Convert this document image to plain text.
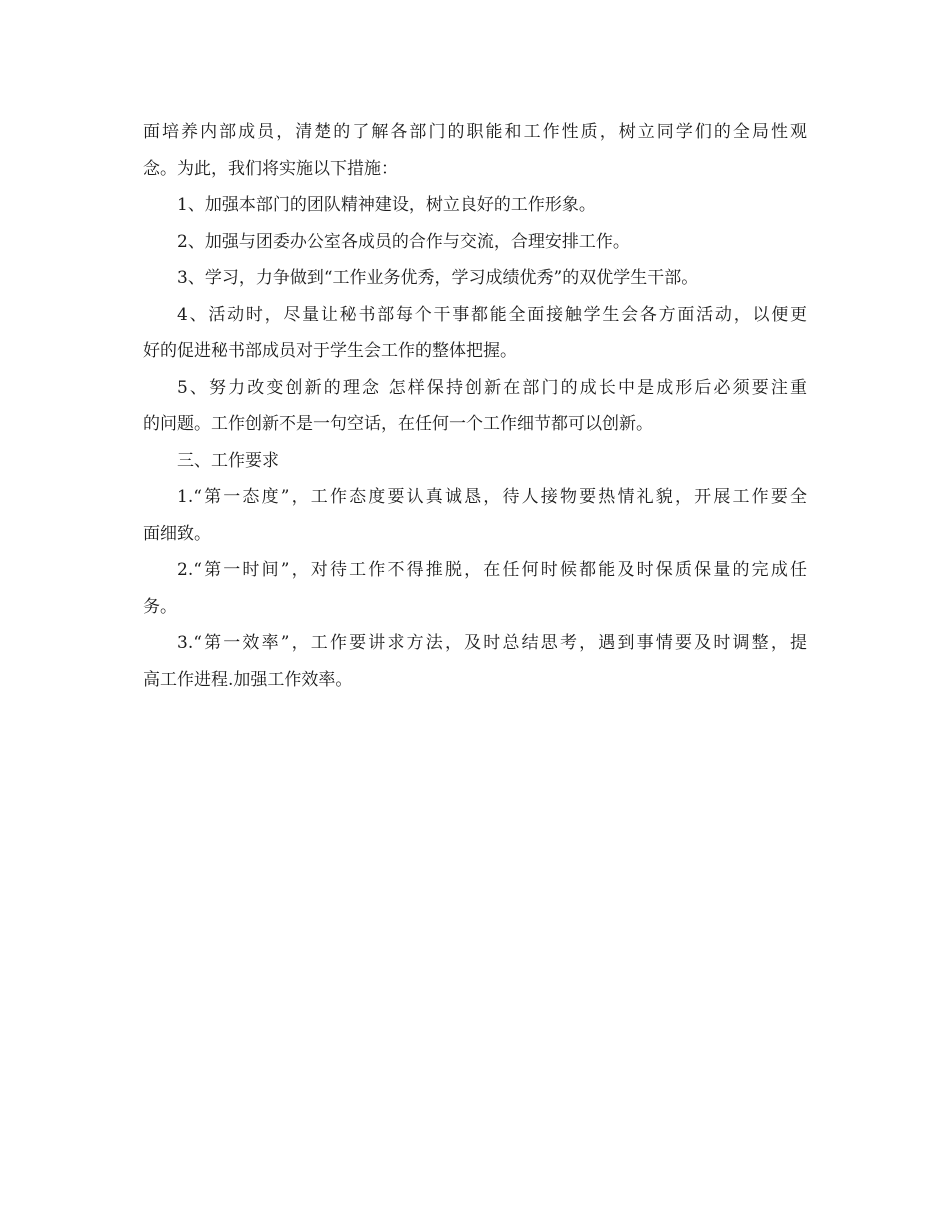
面培养内部成员，清楚的了解各部门的职能和工作性质，树立同学们的全局性观
念。为此，我们将实施以下措施：
1、加强本部门的团队精神建设，树立良好的工作形象。
2、加强与团委办公室各成员的合作与交流，合理安排工作。
3、学习，力争做到“工作业务优秀，学习成绩优秀”的双优学生干部。
4、活动时，尽量让秘书部每个干事都能全面接触学生会各方面活动，以便更
好的促进秘书部成员对于学生会工作的整体把握。
5、努力改变创新的理念 怎样保持创新在部门的成长中是成形后必须要注重
的问题。工作创新不是一句空话，在任何一个工作细节都可以创新。
三、工作要求
1.“第一态度”，工作态度要认真诚恳，待人接物要热情礼貌，开展工作要全
面细致。
2.“第一时间”，对待工作不得推脱，在任何时候都能及时保质保量的完成任
务。
3.“第一效率”，工作要讲求方法，及时总结思考，遇到事情要及时调整，提
高工作进程.加强工作效率。
